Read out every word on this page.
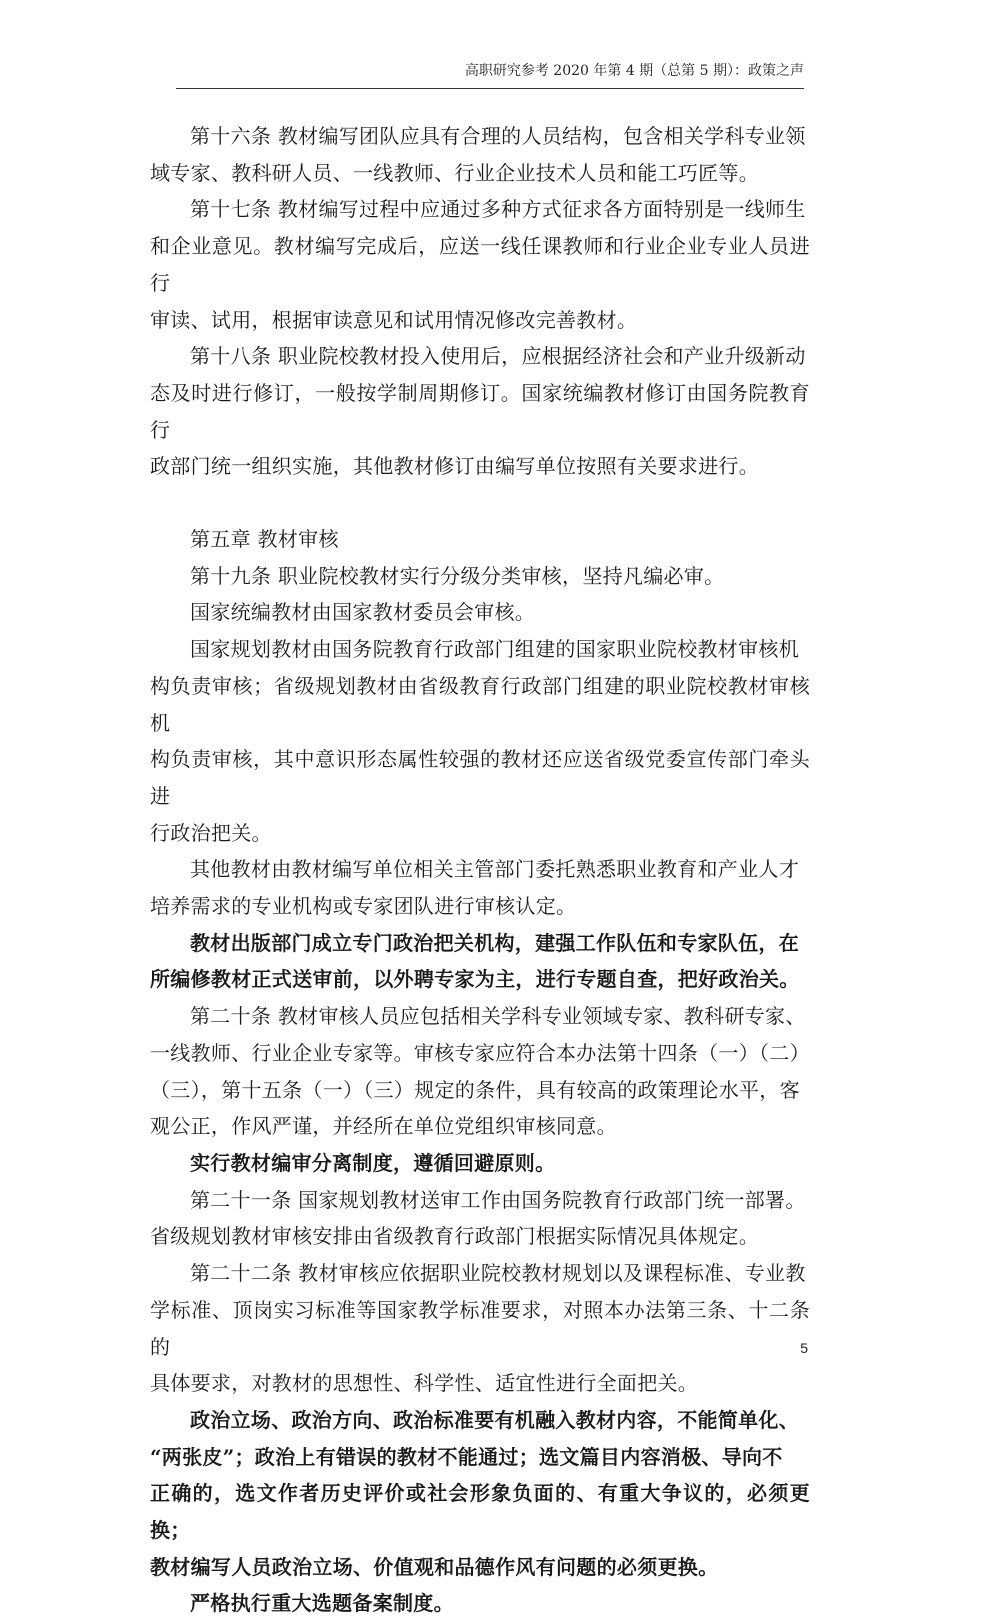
高职研究参考 2020 年第 4 期（总第 5 期）：政策之声

第十六条 教材编写团队应具有合理的人员结构，包含相关学科专业领
域专家、教科研人员、一线教师、行业企业技术人员和能工巧匠等。

第十七条 教材编写过程中应通过多种方式征求各方面特别是一线师生
和企业意见。教材编写完成后，应送一线任课教师和行业企业专业人员进行
审读、试用，根据审读意见和试用情况修改完善教材。

第十八条 职业院校教材投入使用后，应根据经济社会和产业升级新动
态及时进行修订，一般按学制周期修订。国家统编教材修订由国务院教育行
政部门统一组织实施，其他教材修订由编写单位按照有关要求进行。

第五章 教材审核

第十九条 职业院校教材实行分级分类审核，坚持凡编必审。

国家统编教材由国家教材委员会审核。

国家规划教材由国务院教育行政部门组建的国家职业院校教材审核机
构负责审核；省级规划教材由省级教育行政部门组建的职业院校教材审核机
构负责审核，其中意识形态属性较强的教材还应送省级党委宣传部门牵头进
行政治把关。

其他教材由教材编写单位相关主管部门委托熟悉职业教育和产业人才
培养需求的专业机构或专家团队进行审核认定。

教材出版部门成立专门政治把关机构，建强工作队伍和专家队伍，在
所编修教材正式送审前，以外聘专家为主，进行专题自查，把好政治关。

第二十条 教材审核人员应包括相关学科专业领域专家、教科研专家、
一线教师、行业企业专家等。审核专家应符合本办法第十四条（一）（二）
（三），第十五条（一）（三）规定的条件，具有较高的政策理论水平，客
观公正，作风严谨，并经所在单位党组织审核同意。

实行教材编审分离制度，遵循回避原则。

第二十一条 国家规划教材送审工作由国务院教育行政部门统一部署。
省级规划教材审核安排由省级教育行政部门根据实际情况具体规定。

第二十二条 教材审核应依据职业院校教材规划以及课程标准、专业教
学标准、顶岗实习标准等国家教学标准要求，对照本办法第三条、十二条的
具体要求，对教材的思想性、科学性、适宜性进行全面把关。

政治立场、政治方向、政治标准要有机融入教材内容，不能简单化、
“两张皮”；政治上有错误的教材不能通过；选文篇目内容消极、导向不
正确的，选文作者历史评价或社会形象负面的、有重大争议的，必须更换；
教材编写人员政治立场、价值观和品德作风有问题的必须更换。

严格执行重大选题备案制度。

5
